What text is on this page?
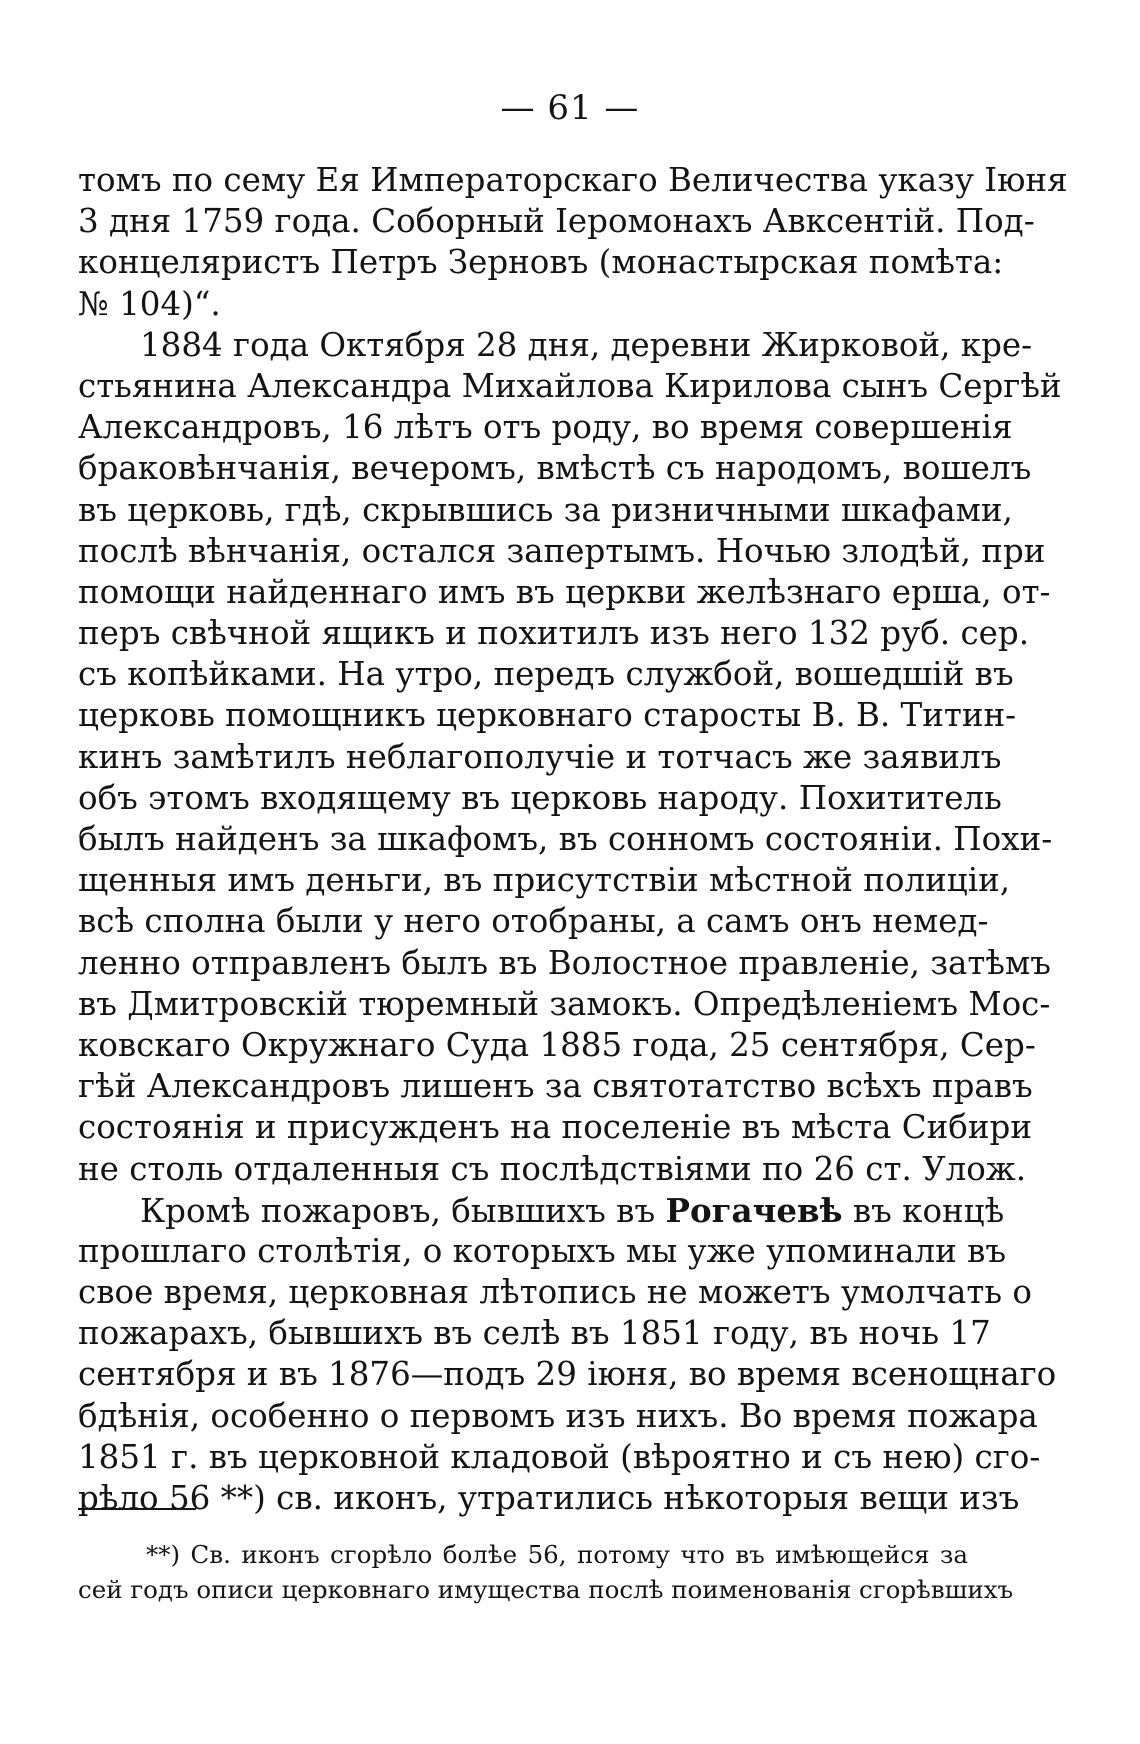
— 61 —
томъ по сему Ея Императорскаго Величества указу Іюня
3 дня 1759 года. Соборный Іеромонахъ Авксентій. Под-
концеляристъ Петръ Зерновъ (монастырская помѣта:
№ 104)“.
1884 года Октября 28 дня, деревни Жирковой, кре-
стьянина Александра Михайлова Кирилова сынъ Сергѣй
Александровъ, 16 лѣтъ отъ роду, во время совершенія
браковѣнчанія, вечеромъ, вмѣстѣ съ народомъ, вошелъ
въ церковь, гдѣ, скрывшись за ризничными шкафами,
послѣ вѣнчанія, остался запертымъ. Ночью злодѣй, при
помощи найденнаго имъ въ церкви желѣзнаго ерша, от-
перъ свѣчной ящикъ и похитилъ изъ него 132 руб. сер.
съ копѣйками. На утро, передъ службой, вошедшій въ
церковь помощникъ церковнаго старосты В. В. Титин-
кинъ замѣтилъ неблагополучіе и тотчасъ же заявилъ
объ этомъ входящему въ церковь народу. Похититель
былъ найденъ за шкафомъ, въ сонномъ состояніи. Похи-
щенныя имъ деньги, въ присутствіи мѣстной полиціи,
всѣ сполна были у него отобраны, а самъ онъ немед-
ленно отправленъ былъ въ Волостное правленіе, затѣмъ
въ Дмитровскій тюремный замокъ. Опредѣленіемъ Мос-
ковскаго Окружнаго Суда 1885 года, 25 сентября, Сер-
гѣй Александровъ лишенъ за святотатство всѣхъ правъ
состоянія и присужденъ на поселеніе въ мѣста Сибири
не столь отдаленныя съ послѣдствіями по 26 ст. Улож.
Кромѣ пожаровъ, бывшихъ въ Рогачевѣ въ концѣ
прошлаго столѣтія, о которыхъ мы уже упоминали въ
свое время, церковная лѣтопись не можетъ умолчать о
пожарахъ, бывшихъ въ селѣ въ 1851 году, въ ночь 17
сентября и въ 1876—подъ 29 іюня, во время всенощнаго
бдѣнія, особенно о первомъ изъ нихъ. Во время пожара
1851 г. въ церковной кладовой (вѣроятно и съ нею) сго-
рѣло 56 **) св. иконъ, утратились нѣкоторыя вещи изъ
**) Св. иконъ сгорѣло болѣе 56, потому что въ имѣющейся за
сей годъ описи церковнаго имущества послѣ поименованія сгорѣвшихъ
